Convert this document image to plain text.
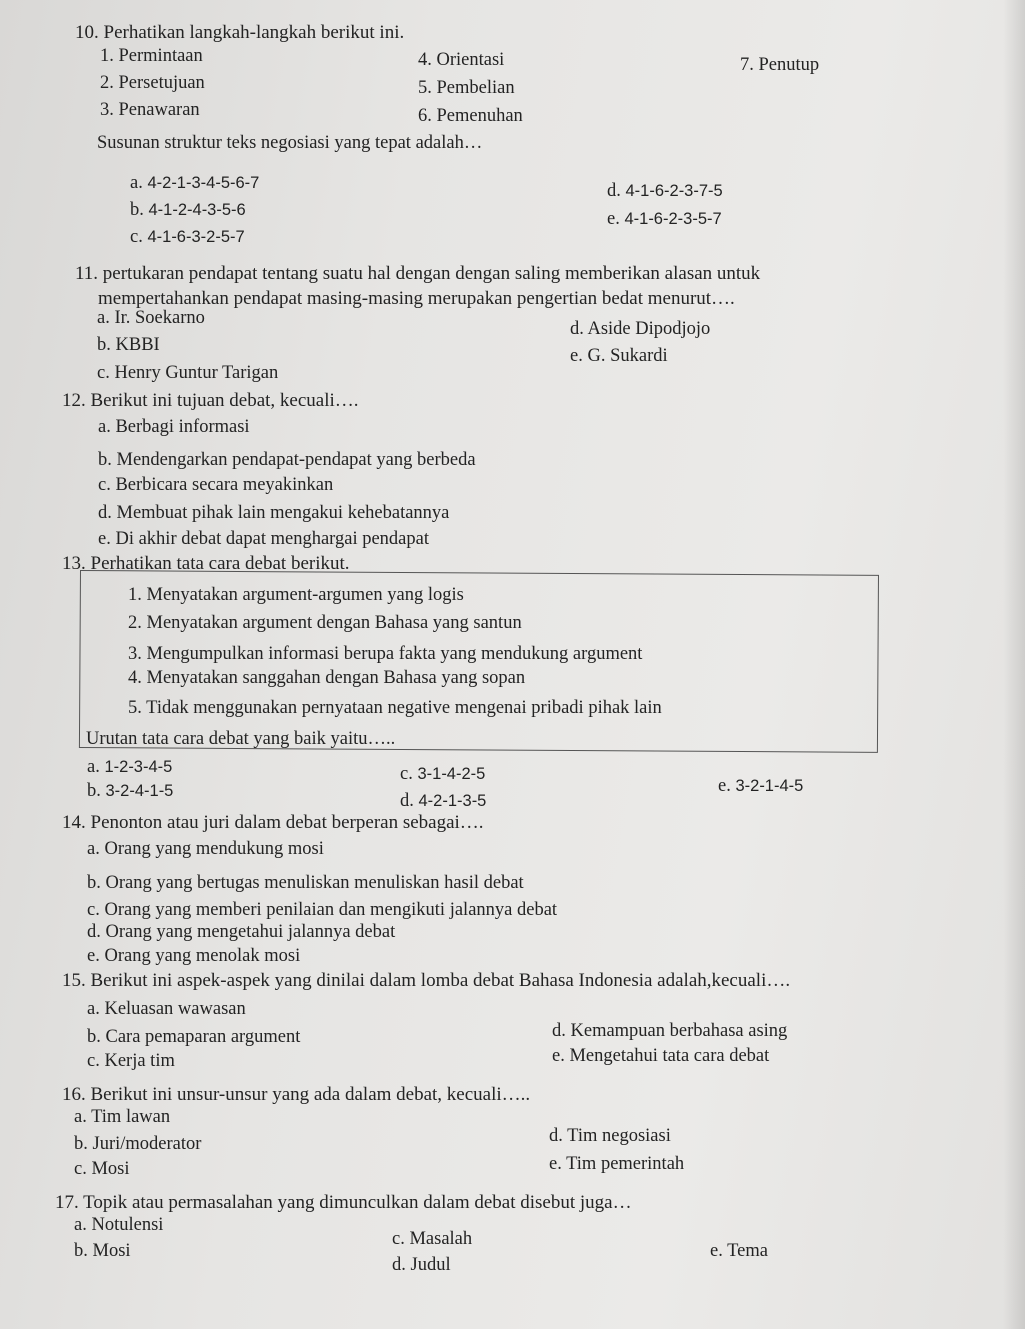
10. Perhatikan langkah-langkah berikut ini.
1. Permintaan
2. Persetujuan
3. Penawaran
4. Orientasi
5. Pembelian
6. Pemenuhan
7. Penutup
Susunan struktur teks negosiasi yang tepat adalah…
a. 4-2-1-3-4-5-6-7
b. 4-1-2-4-3-5-6
c. 4-1-6-3-2-5-7
d. 4-1-6-2-3-7-5
e. 4-1-6-2-3-5-7
11. pertukaran pendapat tentang suatu hal dengan dengan saling memberikan alasan untuk
mempertahankan pendapat masing-masing merupakan pengertian bedat menurut….
a. Ir. Soekarno
b. KBBI
c. Henry Guntur Tarigan
d. Aside Dipodjojo
e. G. Sukardi
12. Berikut ini tujuan debat, kecuali….
a. Berbagi informasi
b. Mendengarkan pendapat-pendapat yang berbeda
c. Berbicara secara meyakinkan
d. Membuat pihak lain mengakui kehebatannya
e. Di akhir debat dapat menghargai pendapat
13. Perhatikan tata cara debat berikut.
1. Menyatakan argument-argumen yang logis
2. Menyatakan argument dengan Bahasa yang santun
3. Mengumpulkan informasi berupa fakta yang mendukung argument
4. Menyatakan sanggahan dengan Bahasa yang sopan
5. Tidak menggunakan pernyataan negative mengenai pribadi pihak lain
Urutan tata cara debat yang baik yaitu…..
a. 1-2-3-4-5
b. 3-2-4-1-5
c. 3-1-4-2-5
d. 4-2-1-3-5
e. 3-2-1-4-5
14. Penonton atau juri dalam debat berperan sebagai….
a. Orang yang mendukung mosi
b. Orang yang bertugas menuliskan menuliskan hasil debat
c. Orang yang memberi penilaian dan mengikuti jalannya debat
d. Orang yang mengetahui jalannya debat
e. Orang yang menolak mosi
15. Berikut ini aspek-aspek yang dinilai dalam lomba debat Bahasa Indonesia adalah,kecuali….
a. Keluasan wawasan
b. Cara pemaparan argument
c. Kerja tim
d. Kemampuan berbahasa asing
e. Mengetahui tata cara debat
16. Berikut ini unsur-unsur yang ada dalam debat, kecuali…..
a. Tim lawan
b. Juri/moderator
c. Mosi
d. Tim negosiasi
e. Tim pemerintah
17. Topik atau permasalahan yang dimunculkan dalam debat disebut juga…
a. Notulensi
b. Mosi
c. Masalah
d. Judul
e. Tema
